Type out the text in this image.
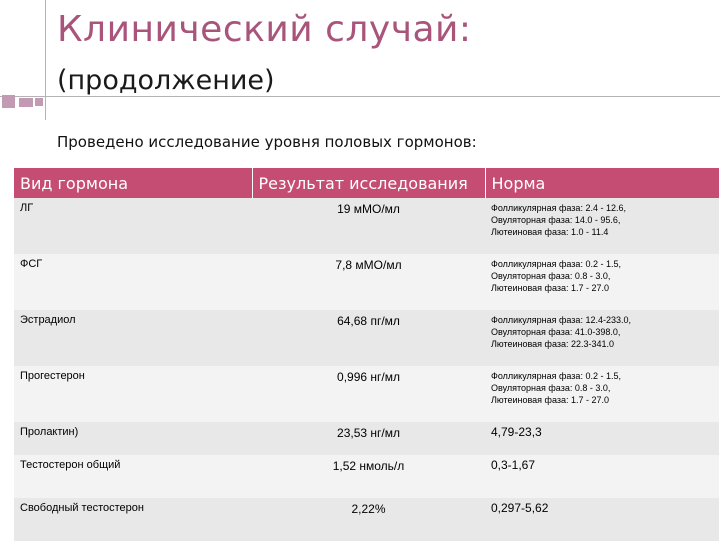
Клинический случай:
(продолжение)
Проведено исследование уровня половых гормонов:
Вид гормона	Результат исследования	Норма
ЛГ	19 мМО/мл	Фолликулярная фаза: 2.4 - 12.6,
Овуляторная фаза: 14.0 - 95.6,
Лютеиновая фаза: 1.0 - 11.4

ФСГ	7,8 мМО/мл	Фолликулярная фаза: 0.2 - 1.5,
Овуляторная фаза: 0.8 - 3.0,
Лютеиновая фаза: 1.7 - 27.0

Эстрадиол	64,68 пг/мл	Фолликулярная фаза: 12.4-233.0,
Овуляторная фаза: 41.0-398.0,
Лютеиновая фаза: 22.3-341.0

Прогестерон	0,996 нг/мл	Фолликулярная фаза: 0.2 - 1.5,
Овуляторная фаза: 0.8 - 3.0,
Лютеиновая фаза: 1.7 - 27.0

Пролактин)	23,53 нг/мл	4,79-23,3

Тестостерон общий	1,52 нмоль/л	0,3-1,67

Свободный тестостерон	2,22%	0,297-5,62
